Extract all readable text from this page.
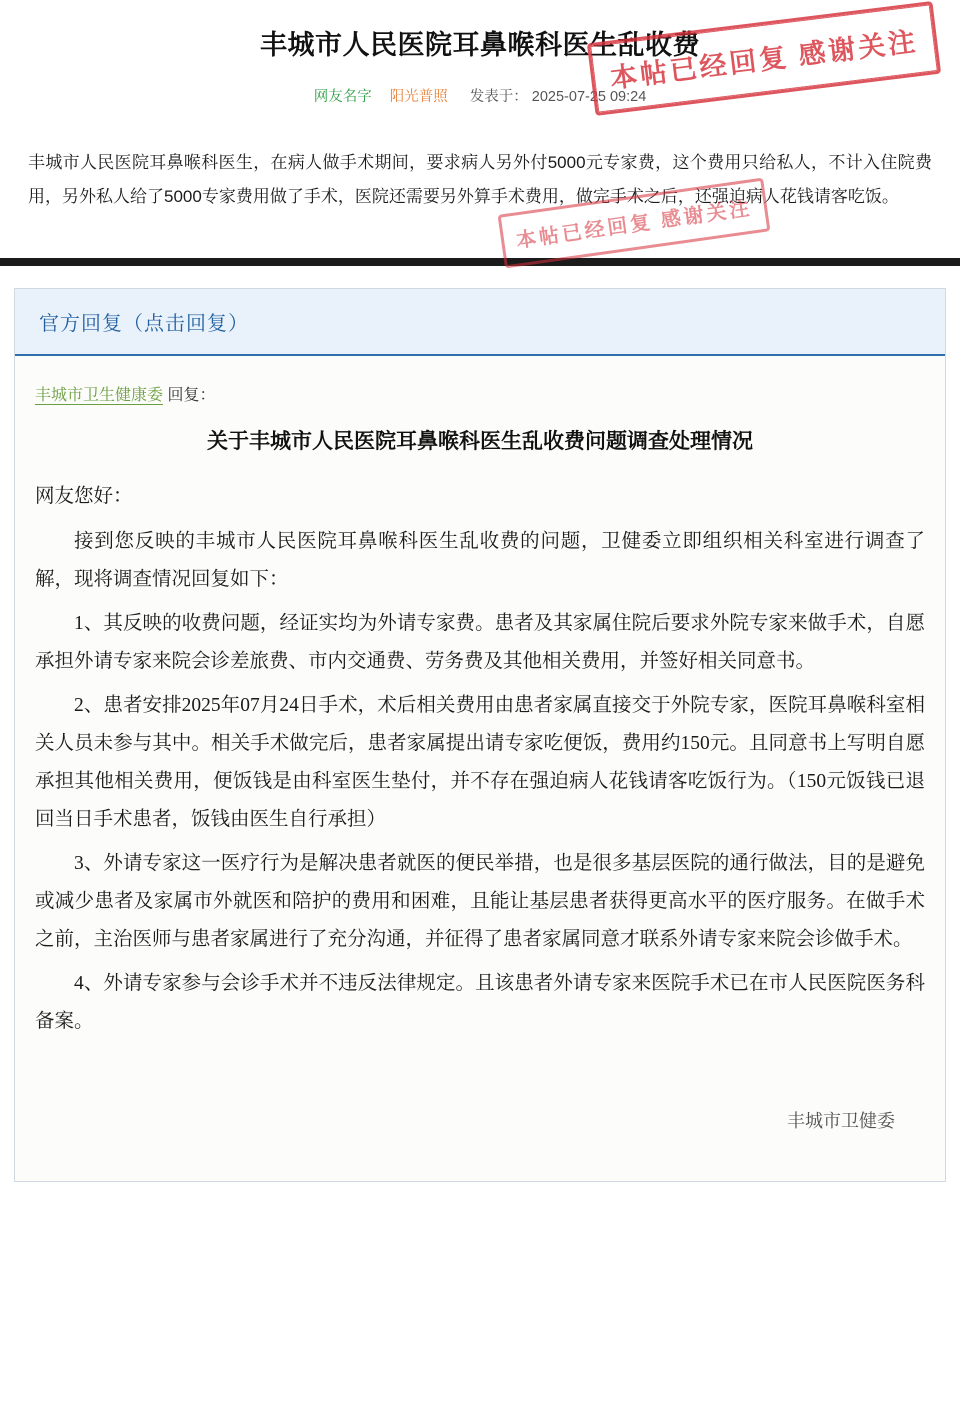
丰城市人民医院耳鼻喉科医生乱收费
网友名字 阳光普照 发表于： 2025-07-25 09:24
本帖已经回复 感谢关注
本帖已经回复 感谢关注
丰城市人民医院耳鼻喉科医生，在病人做手术期间，要求病人另外付5000元专家费，这个费用只给私人，不计入住院费用，另外私人给了5000专家费用做了手术，医院还需要另外算手术费用，做完手术之后，还强迫病人花钱请客吃饭。
官方回复（点击回复）
丰城市卫生健康委 回复：
关于丰城市人民医院耳鼻喉科医生乱收费问题调查处理情况

网友您好：

接到您反映的丰城市人民医院耳鼻喉科医生乱收费的问题，卫健委立即组织相关科室进行调查了解，现将调查情况回复如下：

1、其反映的收费问题，经证实均为外请专家费。患者及其家属住院后要求外院专家来做手术，自愿承担外请专家来院会诊差旅费、市内交通费、劳务费及其他相关费用，并签好相关同意书。

2、患者安排2025年07月24日手术，术后相关费用由患者家属直接交于外院专家，医院耳鼻喉科室相关人员未参与其中。相关手术做完后，患者家属提出请专家吃便饭，费用约150元。且同意书上写明自愿承担其他相关费用，便饭钱是由科室医生垫付，并不存在强迫病人花钱请客吃饭行为。（150元饭钱已退回当日手术患者，饭钱由医生自行承担）

3、外请专家这一医疗行为是解决患者就医的便民举措，也是很多基层医院的通行做法，目的是避免或减少患者及家属市外就医和陪护的费用和困难，且能让基层患者获得更高水平的医疗服务。在做手术之前，主治医师与患者家属进行了充分沟通，并征得了患者家属同意才联系外请专家来院会诊做手术。

4、外请专家参与会诊手术并不违反法律规定。且该患者外请专家来医院手术已在市人民医院医务科备案。

丰城市卫健委
